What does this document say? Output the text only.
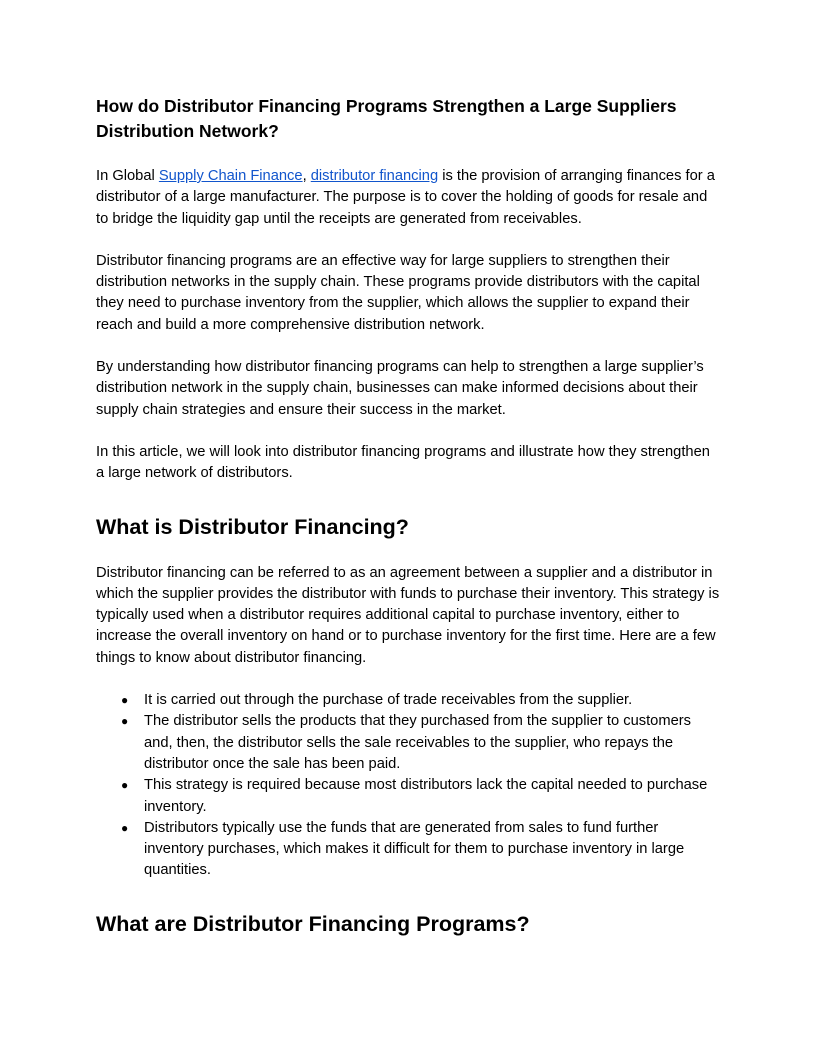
How do Distributor Financing Programs Strengthen a Large Suppliers Distribution Network?

In Global Supply Chain Finance, distributor financing is the provision of arranging finances for a distributor of a large manufacturer. The purpose is to cover the holding of goods for resale and to bridge the liquidity gap until the receipts are generated from receivables.

Distributor financing programs are an effective way for large suppliers to strengthen their distribution networks in the supply chain. These programs provide distributors with the capital they need to purchase inventory from the supplier, which allows the supplier to expand their reach and build a more comprehensive distribution network.

By understanding how distributor financing programs can help to strengthen a large supplier’s distribution network in the supply chain, businesses can make informed decisions about their supply chain strategies and ensure their success in the market.

In this article, we will look into distributor financing programs and illustrate how they strengthen a large network of distributors.

What is Distributor Financing?

Distributor financing can be referred to as an agreement between a supplier and a distributor in which the supplier provides the distributor with funds to purchase their inventory. This strategy is typically used when a distributor requires additional capital to purchase inventory, either to increase the overall inventory on hand or to purchase inventory for the first time. Here are a few things to know about distributor financing.

● It is carried out through the purchase of trade receivables from the supplier.
● The distributor sells the products that they purchased from the supplier to customers and, then, the distributor sells the sale receivables to the supplier, who repays the distributor once the sale has been paid.
● This strategy is required because most distributors lack the capital needed to purchase inventory.
● Distributors typically use the funds that are generated from sales to fund further inventory purchases, which makes it difficult for them to purchase inventory in large quantities.
What are Distributor Financing Programs?
